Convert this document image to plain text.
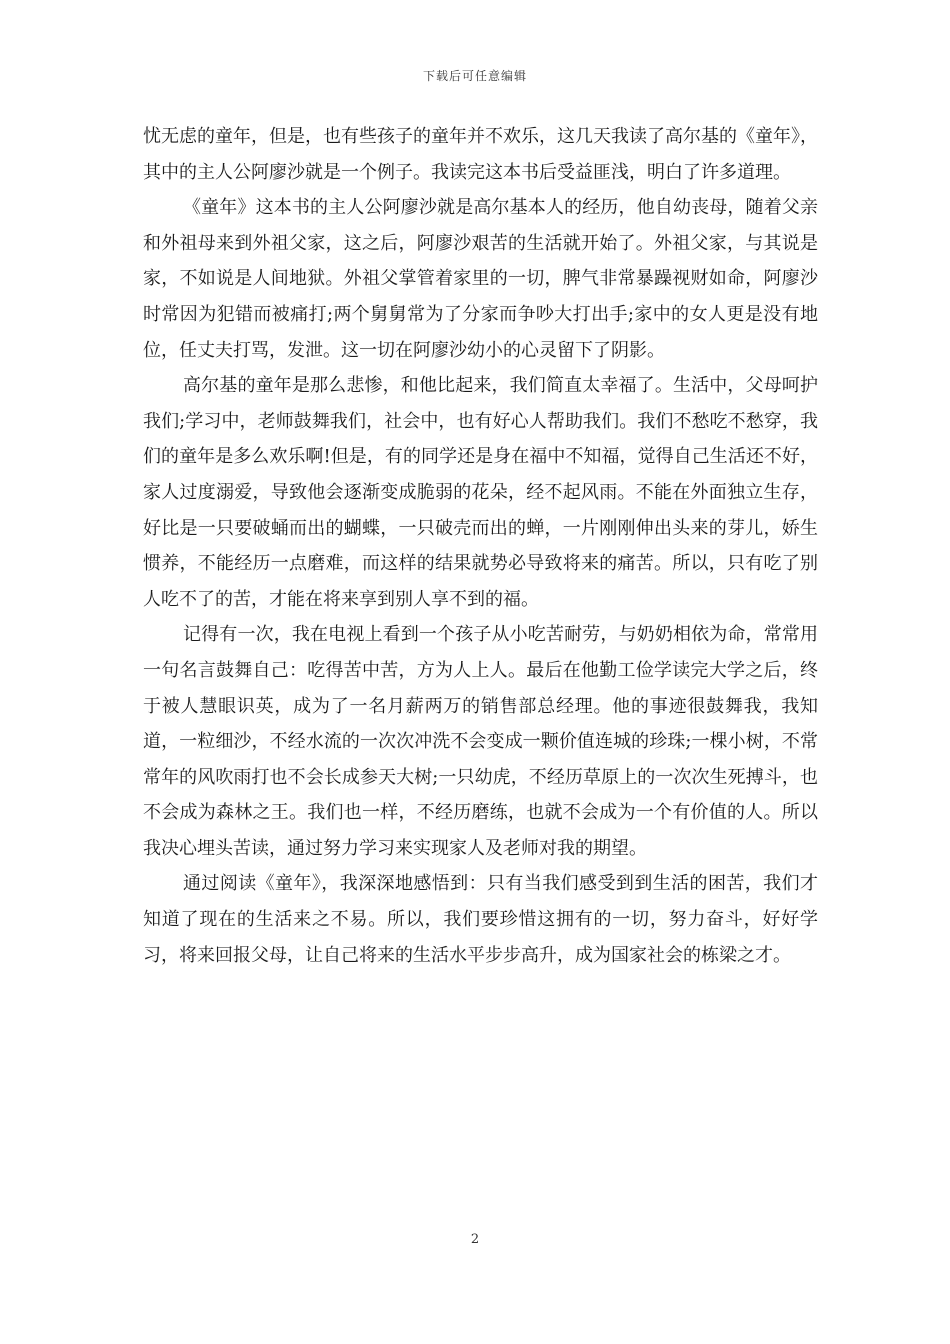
下载后可任意编辑

忧无虑的童年，但是，也有些孩子的童年并不欢乐，这几天我读了高尔基的《童年》，其中的主人公阿廖沙就是一个例子。我读完这本书后受益匪浅，明白了许多道理。

《童年》这本书的主人公阿廖沙就是高尔基本人的经历，他自幼丧母，随着父亲和外祖母来到外祖父家，这之后，阿廖沙艰苦的生活就开始了。外祖父家，与其说是家，不如说是人间地狱。外祖父掌管着家里的一切，脾气非常暴躁视财如命，阿廖沙时常因为犯错而被痛打;两个舅舅常为了分家而争吵大打出手;家中的女人更是没有地位，任丈夫打骂，发泄。这一切在阿廖沙幼小的心灵留下了阴影。

高尔基的童年是那么悲惨，和他比起来，我们简直太幸福了。生活中，父母呵护我们;学习中，老师鼓舞我们，社会中，也有好心人帮助我们。我们不愁吃不愁穿，我们的童年是多么欢乐啊!但是，有的同学还是身在福中不知福，觉得自己生活还不好，家人过度溺爱，导致他会逐渐变成脆弱的花朵，经不起风雨。不能在外面独立生存，好比是一只要破蛹而出的蝴蝶，一只破壳而出的蝉，一片刚刚伸出头来的芽儿，娇生惯养，不能经历一点磨难，而这样的结果就势必导致将来的痛苦。所以，只有吃了别人吃不了的苦，才能在将来享到别人享不到的福。

记得有一次，我在电视上看到一个孩子从小吃苦耐劳，与奶奶相依为命，常常用一句名言鼓舞自己：吃得苦中苦，方为人上人。最后在他勤工俭学读完大学之后，终于被人慧眼识英，成为了一名月薪两万的销售部总经理。他的事迹很鼓舞我，我知道，一粒细沙，不经水流的一次次冲洗不会变成一颗价值连城的珍珠;一棵小树，不常常年的风吹雨打也不会长成参天大树;一只幼虎，不经历草原上的一次次生死搏斗，也不会成为森林之王。我们也一样，不经历磨练，也就不会成为一个有价值的人。所以我决心埋头苦读，通过努力学习来实现家人及老师对我的期望。

通过阅读《童年》，我深深地感悟到：只有当我们感受到到生活的困苦，我们才知道了现在的生活来之不易。所以，我们要珍惜这拥有的一切，努力奋斗，好好学习，将来回报父母，让自己将来的生活水平步步高升，成为国家社会的栋梁之才。

2
